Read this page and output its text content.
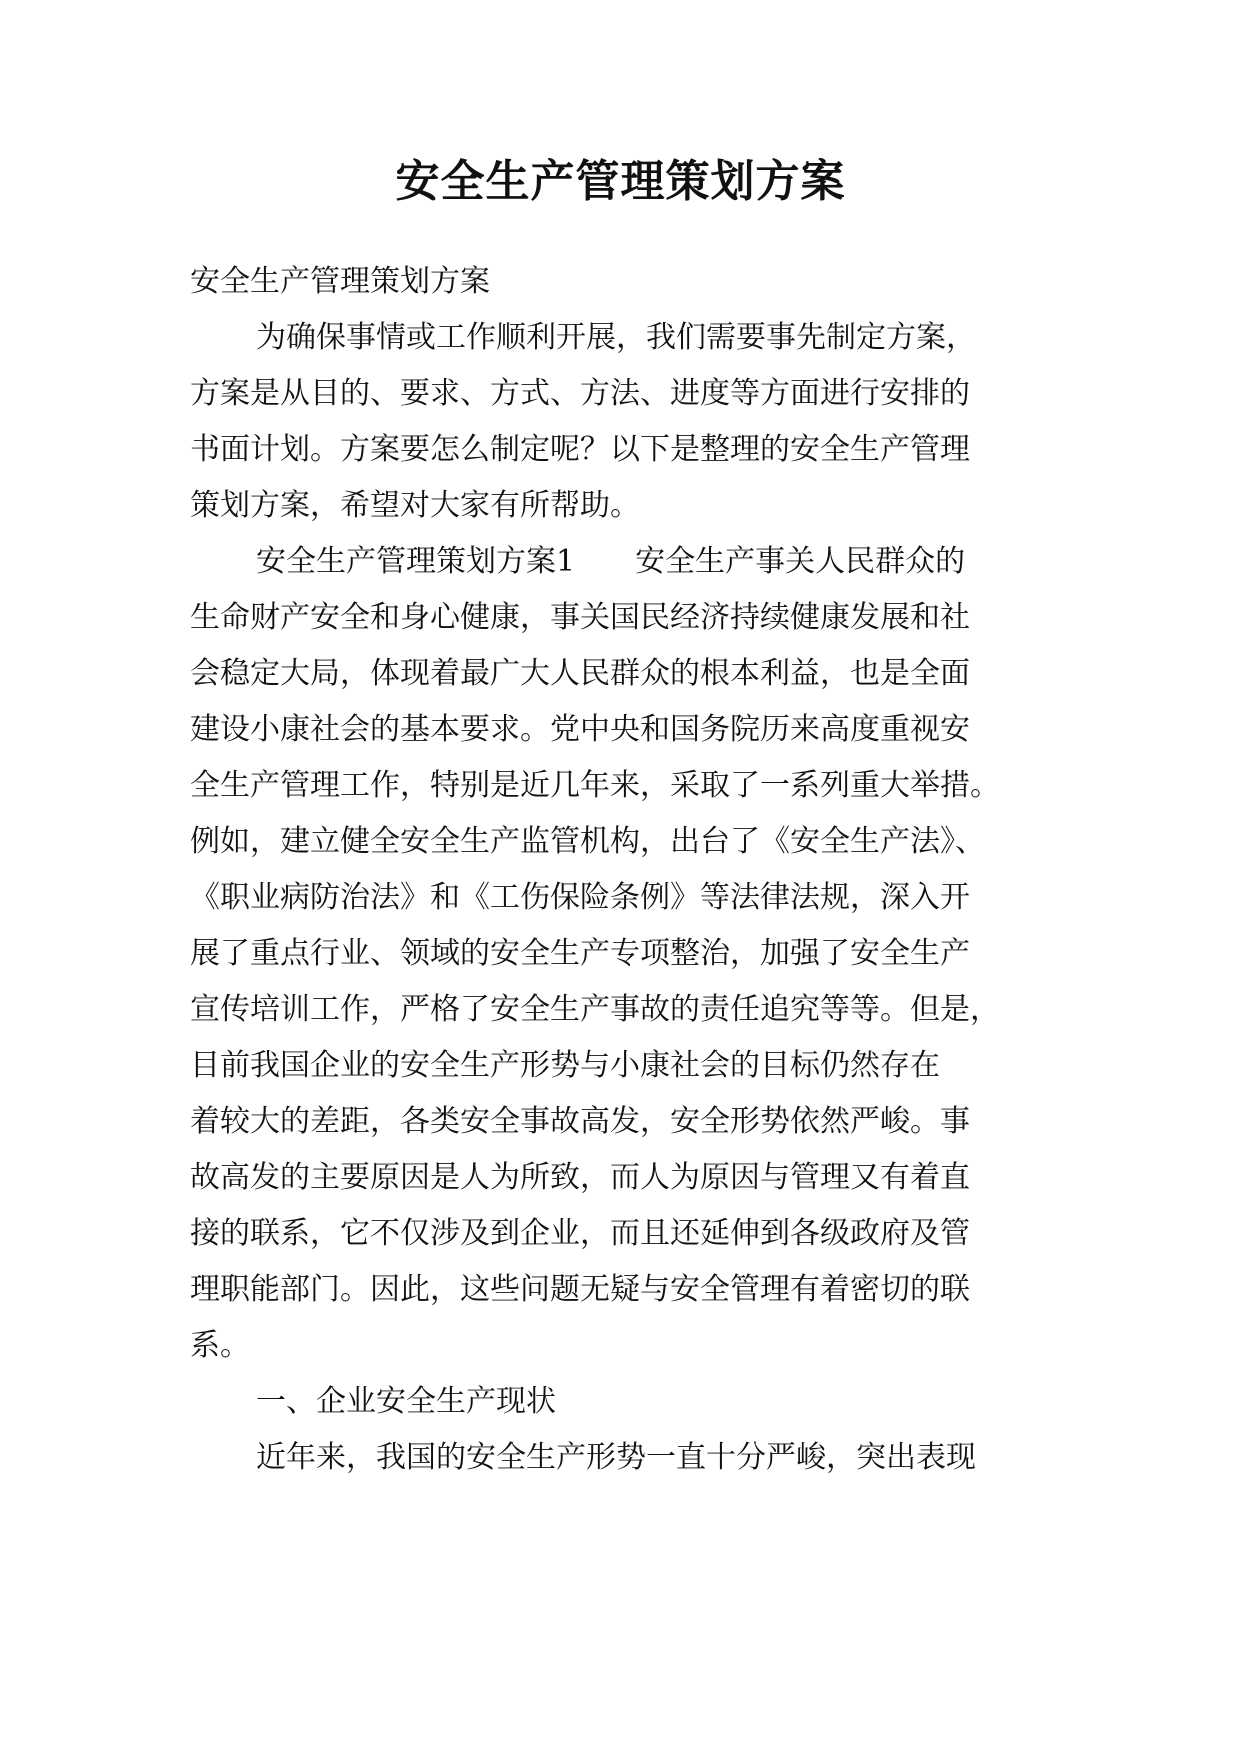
安全生产管理策划方案

安全生产管理策划方案

为确保事情或工作顺利开展，我们需要事先制定方案，

方案是从目的、要求、方式、方法、进度等方面进行安排的

书面计划。方案要怎么制定呢？以下是整理的安全生产管理

策划方案，希望对大家有所帮助。

安全生产管理策划方案1　　安全生产事关人民群众的

生命财产安全和身心健康，事关国民经济持续健康发展和社

会稳定大局，体现着最广大人民群众的根本利益，也是全面

建设小康社会的基本要求。党中央和国务院历来高度重视安

全生产管理工作，特别是近几年来，采取了一系列重大举措。

例如，建立健全安全生产监管机构，出台了《安全生产法》、

《职业病防治法》和《工伤保险条例》等法律法规，深入开

展了重点行业、领域的安全生产专项整治，加强了安全生产

宣传培训工作，严格了安全生产事故的责任追究等等。但是，

目前我国企业的安全生产形势与小康社会的目标仍然存在

着较大的差距，各类安全事故高发，安全形势依然严峻。事

故高发的主要原因是人为所致，而人为原因与管理又有着直

接的联系，它不仅涉及到企业，而且还延伸到各级政府及管

理职能部门。因此，这些问题无疑与安全管理有着密切的联

系。

一、企业安全生产现状

近年来，我国的安全生产形势一直十分严峻，突出表现
